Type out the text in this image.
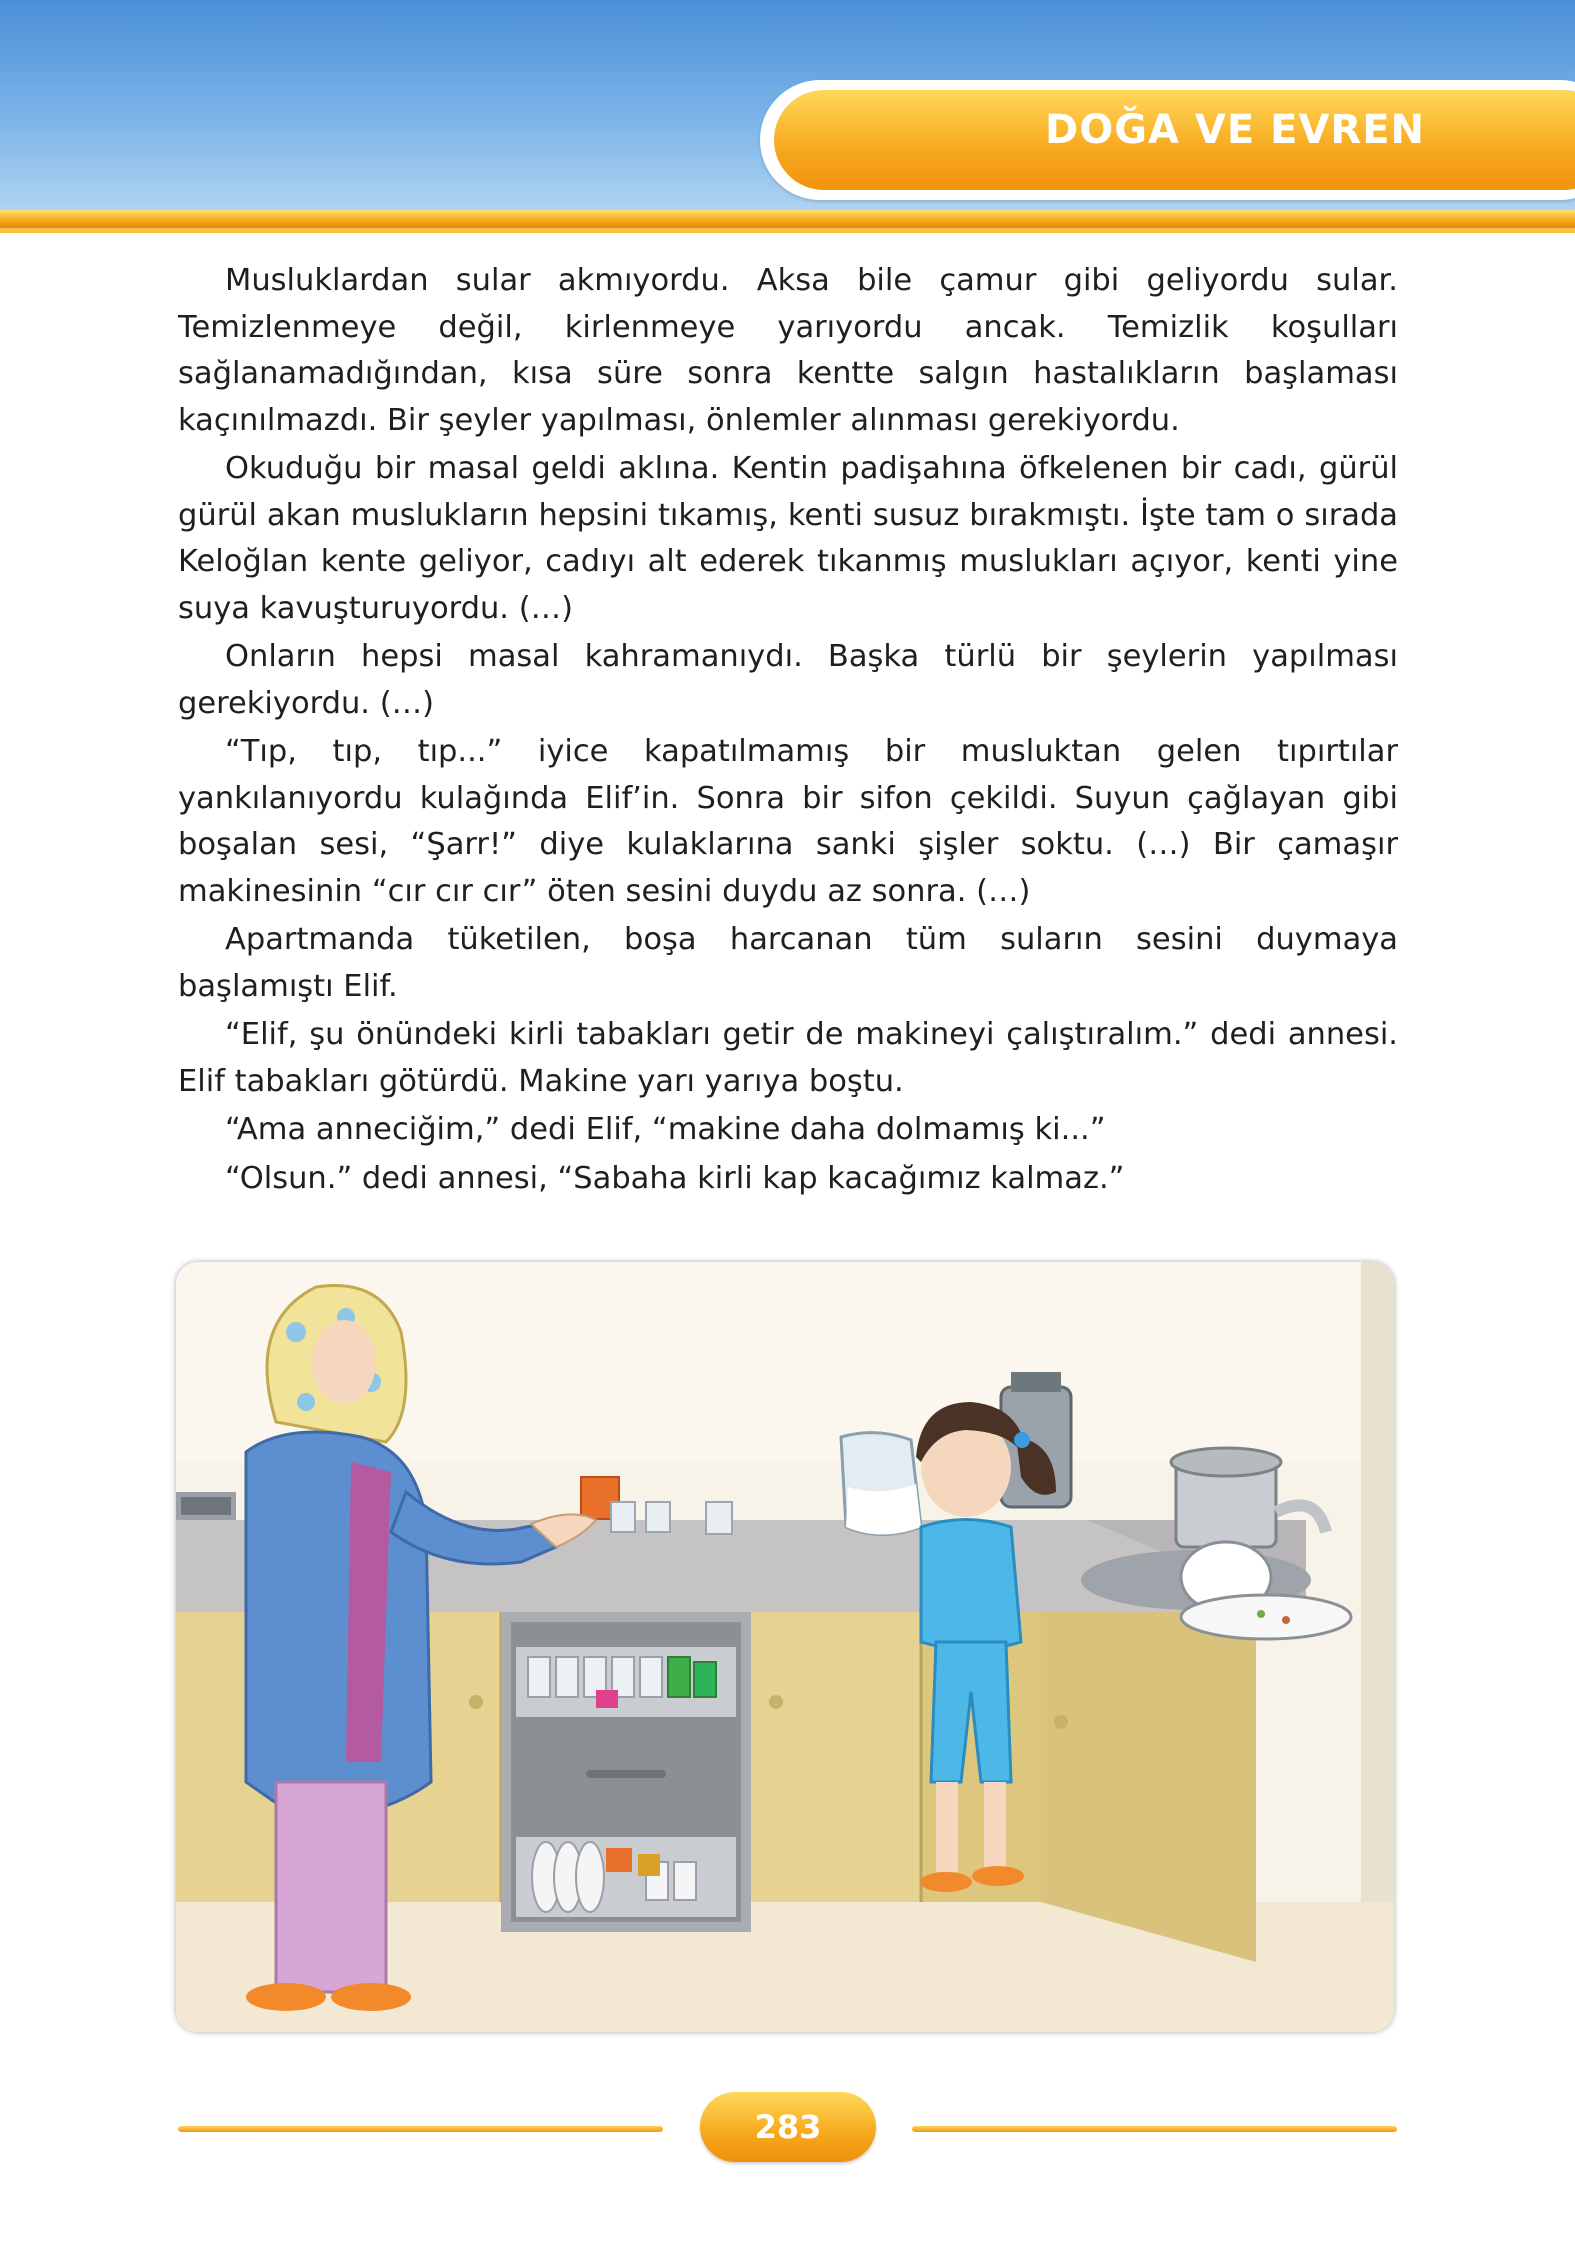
DOĞA VE EVREN

Musluklardan sular akmıyordu. Aksa bile çamur gibi geliyordu sular. Temizlenmeye değil, kirlenmeye yarıyordu ancak. Temizlik koşulları sağlanamadığından, kısa süre sonra kentte salgın hastalıkların başlaması kaçınılmazdı. Bir şeyler yapılması, önlemler alınması gerekiyordu.

Okuduğu bir masal geldi aklına. Kentin padişahına öfkelenen bir cadı, gürül gürül akan muslukların hepsini tıkamış, kenti susuz bırakmıştı. İşte tam o sırada Keloğlan kente geliyor, cadıyı alt ederek tıkanmış muslukları açıyor, kenti yine suya kavuşturuyordu. (…)

Onların hepsi masal kahramanıydı. Başka türlü bir şeylerin yapılması gerekiyordu. (…)

“Tıp, tıp, tıp...” iyice kapatılmamış bir musluktan gelen tıpırtılar yankılanıyordu kulağında Elif’in. Sonra bir sifon çekildi. Suyun çağlayan gibi boşalan sesi, “Şarr!” diye kulaklarına sanki şişler soktu. (…) Bir çamaşır makinesinin “cır cır cır” öten sesini duydu az sonra. (…)

Apartmanda tüketilen, boşa harcanan tüm suların sesini duymaya başlamıştı Elif.

“Elif, şu önündeki kirli tabakları getir de makineyi çalıştıralım.” dedi annesi. Elif tabakları götürdü. Makine yarı yarıya boştu.

“Ama anneciğim,” dedi Elif, “makine daha dolmamış ki...”

“Olsun.” dedi annesi, “Sabaha kirli kap kacağımız kalmaz.”

283
